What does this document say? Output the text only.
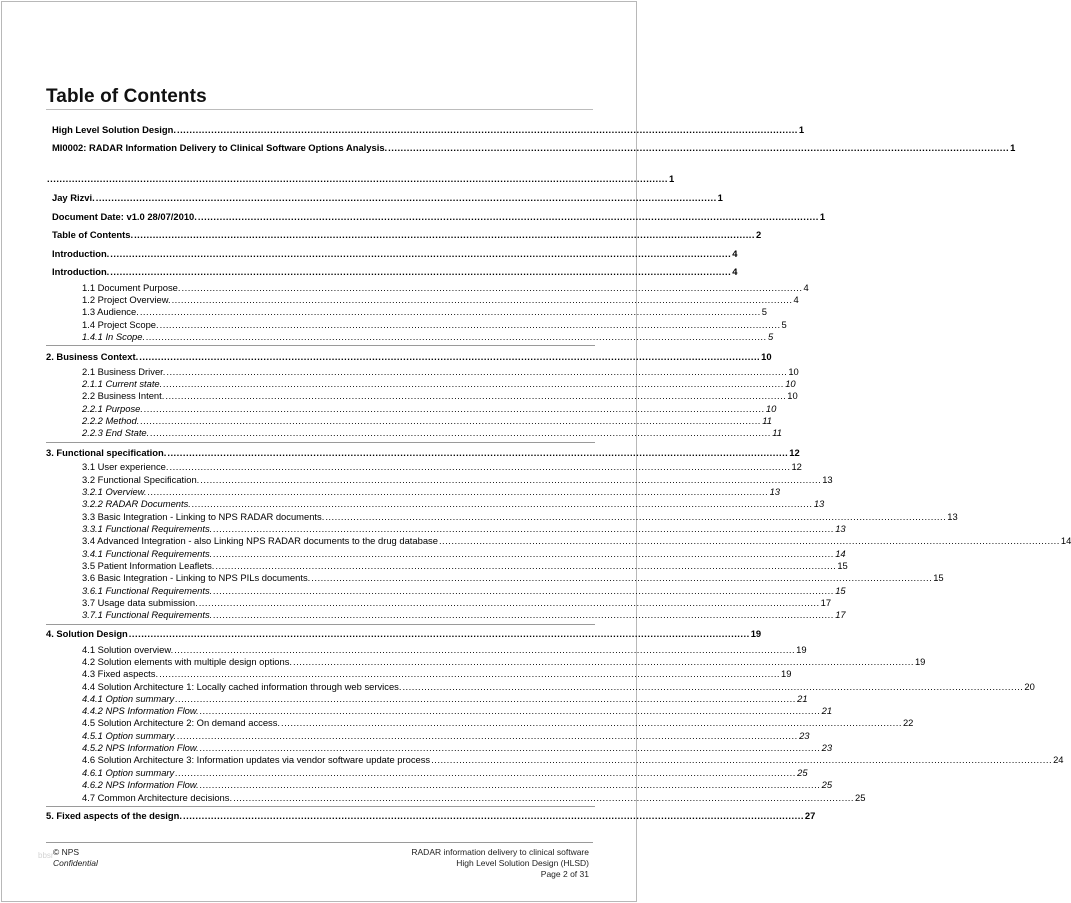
Table of Contents
High Level Solution Design. ........................................................................................................................................................................................................ 1
MI0002: RADAR Information Delivery to Clinical Software Options Analysis. ........................................................................................................................................................................................................ 1
........................................................................................................................................................................................................ 1
Jay Rizvi. ........................................................................................................................................................................................................ 1
Document Date: v1.0 28/07/2010. ........................................................................................................................................................................................................ 1
Table of Contents. ........................................................................................................................................................................................................ 2
Introduction. ........................................................................................................................................................................................................ 4
Introduction. ........................................................................................................................................................................................................ 4
1.1 Document Purpose. ........................................................................................................................................................................................................ 4
1.2 Project Overview. ........................................................................................................................................................................................................ 4
1.3 Audience. ........................................................................................................................................................................................................ 5
1.4 Project Scope. ........................................................................................................................................................................................................ 5
1.4.1 In Scope. ........................................................................................................................................................................................................ 5
2. Business Context. ........................................................................................................................................................................................................ 10
2.1 Business Driver. ........................................................................................................................................................................................................ 10
2.1.1 Current state. ........................................................................................................................................................................................................ 10
2.2 Business Intent. ........................................................................................................................................................................................................ 10
2.2.1 Purpose. ........................................................................................................................................................................................................ 10
2.2.2 Method. ........................................................................................................................................................................................................ 11
2.2.3 End State. ........................................................................................................................................................................................................ 11
3. Functional specification. ........................................................................................................................................................................................................ 12
3.1 User experience. ........................................................................................................................................................................................................ 12
3.2 Functional Specification. ........................................................................................................................................................................................................ 13
3.2.1 Overview. ........................................................................................................................................................................................................ 13
3.2.2 RADAR Documents. ........................................................................................................................................................................................................ 13
3.3 Basic Integration - Linking to NPS RADAR documents. ........................................................................................................................................................................................................ 13
3.3.1 Functional Requirements. ........................................................................................................................................................................................................ 13
3.4 Advanced Integration - also Linking NPS RADAR documents to the drug database ........................................................................................................................................................................................................ 14
3.4.1 Functional Requirements. ........................................................................................................................................................................................................ 14
3.5 Patient Information Leaflets. ........................................................................................................................................................................................................ 15
3.6 Basic Integration - Linking to NPS PILs documents. ........................................................................................................................................................................................................ 15
3.6.1 Functional Requirements. ........................................................................................................................................................................................................ 15
3.7 Usage data submission. ........................................................................................................................................................................................................ 17
3.7.1 Functional Requirements. ........................................................................................................................................................................................................ 17
4. Solution Design ........................................................................................................................................................................................................ 19
4.1 Solution overview. ........................................................................................................................................................................................................ 19
4.2 Solution elements with multiple design options. ........................................................................................................................................................................................................ 19
4.3 Fixed aspects. ........................................................................................................................................................................................................ 19
4.4 Solution Architecture 1: Locally cached information through web services. ........................................................................................................................................................................................................ 20
4.4.1 Option summary ........................................................................................................................................................................................................ 21
4.4.2 NPS Information Flow. ........................................................................................................................................................................................................ 21
4.5 Solution Architecture 2: On demand access. ........................................................................................................................................................................................................ 22
4.5.1 Option summary. ........................................................................................................................................................................................................ 23
4.5.2 NPS Information Flow. ........................................................................................................................................................................................................ 23
4.6 Solution Architecture 3: Information updates via vendor software update process ........................................................................................................................................................................................................ 24
4.6.1 Option summary ........................................................................................................................................................................................................ 25
4.6.2 NPS Information Flow. ........................................................................................................................................................................................................ 25
4.7 Common Architecture decisions. ........................................................................................................................................................................................................ 25
5. Fixed aspects of the design. ........................................................................................................................................................................................................ 27
bbsr © NPS
Confidential
RADAR information delivery to clinical software
High Level Solution Design (HLSD)
Page 2 of 31
